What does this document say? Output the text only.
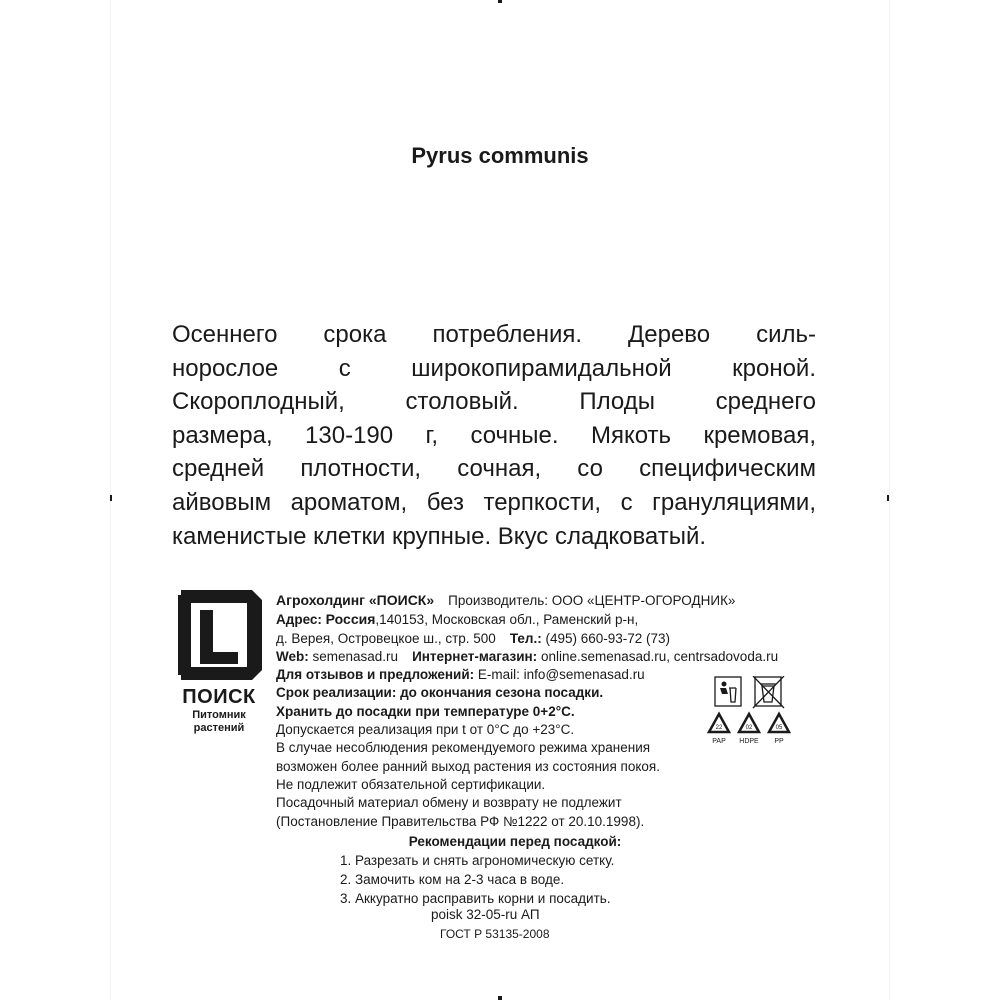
Pyrus communis
Осеннего срока потребления. Дерево силь-
норослое с широкопирамидальной кроной.
Скороплодный, столовый. Плоды среднего
размера, 130-190 г, сочные. Мякоть кремовая,
средней плотности, сочная, со специфическим
айвовым ароматом, без терпкости, с грануляциями,
каменистые клетки крупные. Вкус сладковатый.
ПОИСК
Питомник
растений
Агрохолдинг «ПОИСК» Производитель: ООО «ЦЕНТР-ОГОРОДНИК»
Адрес: Россия,140153, Московская обл., Раменский р-н,
д. Верея, Островецкое ш., стр. 500 Тел.: (495) 660-93-72 (73)
Web: semenasad.ru Интернет-магазин: online.semenasad.ru, centrsadovoda.ru
Для отзывов и предложений: E-mail: info@semenasad.ru
Срок реализации: до окончания сезона посадки.
Хранить до посадки при температуре 0+2°C.
Допускается реализация при t от 0°C до +23°C.
В случае несоблюдения рекомендуемого режима хранения
возможен более ранний выход растения из состояния покоя.
Не подлежит обязательной сертификации.
Посадочный материал обмену и возврату не подлежит
(Постановление Правительства РФ №1222 от 20.10.1998).
22
PAP
02
HDPE
05
PP
Рекомендации перед посадкой:
1. Разрезать и снять агрономическую сетку.
2. Замочить ком на 2-3 часа в воде.
3. Аккуратно расправить корни и посадить.
poisk 32-05-ru АП
ГОСТ Р 53135-2008
